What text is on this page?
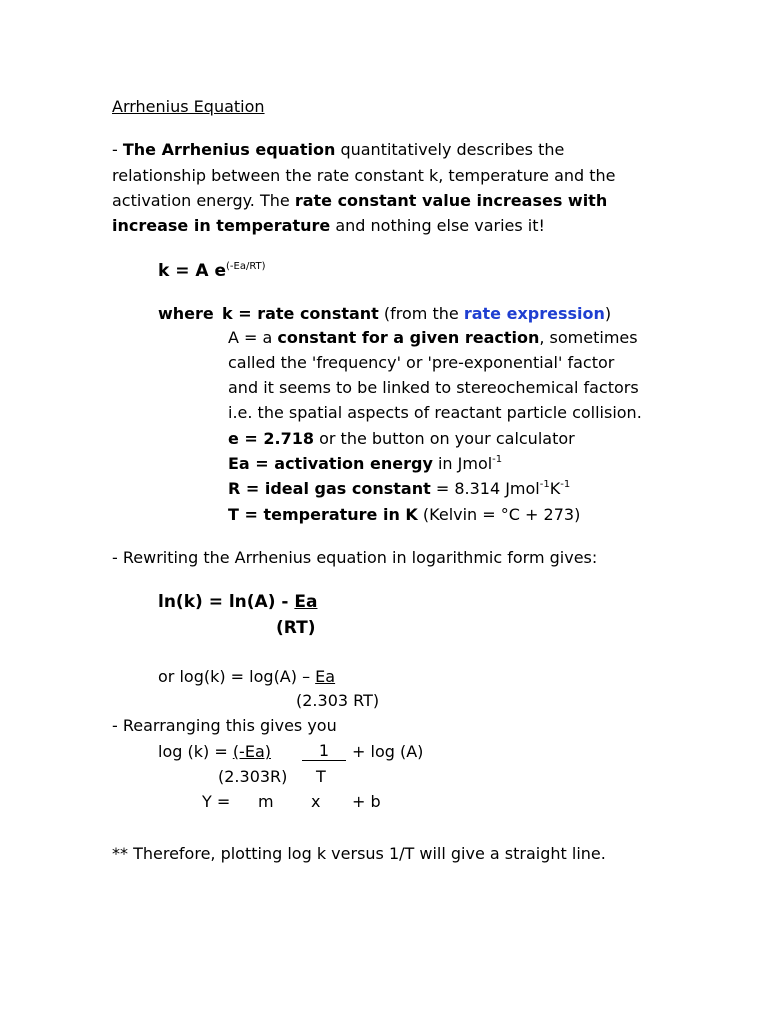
Arrhenius Equation
- The Arrhenius equation quantitatively describes the
relationship between the rate constant k, temperature and the
activation energy. The rate constant value increases with
increase in temperature and nothing else varies it!
k = A $e^{(-Ea/RT)}$
where k = rate constant (from the rate expression)
A = a constant for a given reaction, sometimes
called the 'frequency' or 'pre-exponential' factor
and it seems to be linked to stereochemical factors
i.e. the spatial aspects of reactant particle collision.
e = 2.718 or the button on your calculator
Ea = activation energy in Jmol$^{-1}$
R = ideal gas constant = 8.314 $Jmol^{-1}K^{-1}$
T = temperature in K (Kelvin = °C + 273)
- Rewriting the Arrhenius equation in logarithmic form gives:
ln(k) = ln(A) - Ea
(RT)
or log(k) = log(A) – Ea
(2.303 RT)
- Rearranging this gives you
log (k) = (-Ea)	1	+ log (A)
(2.303R) T
Y = m x + b
** Therefore, plotting log k versus 1/T will give a straight line.
